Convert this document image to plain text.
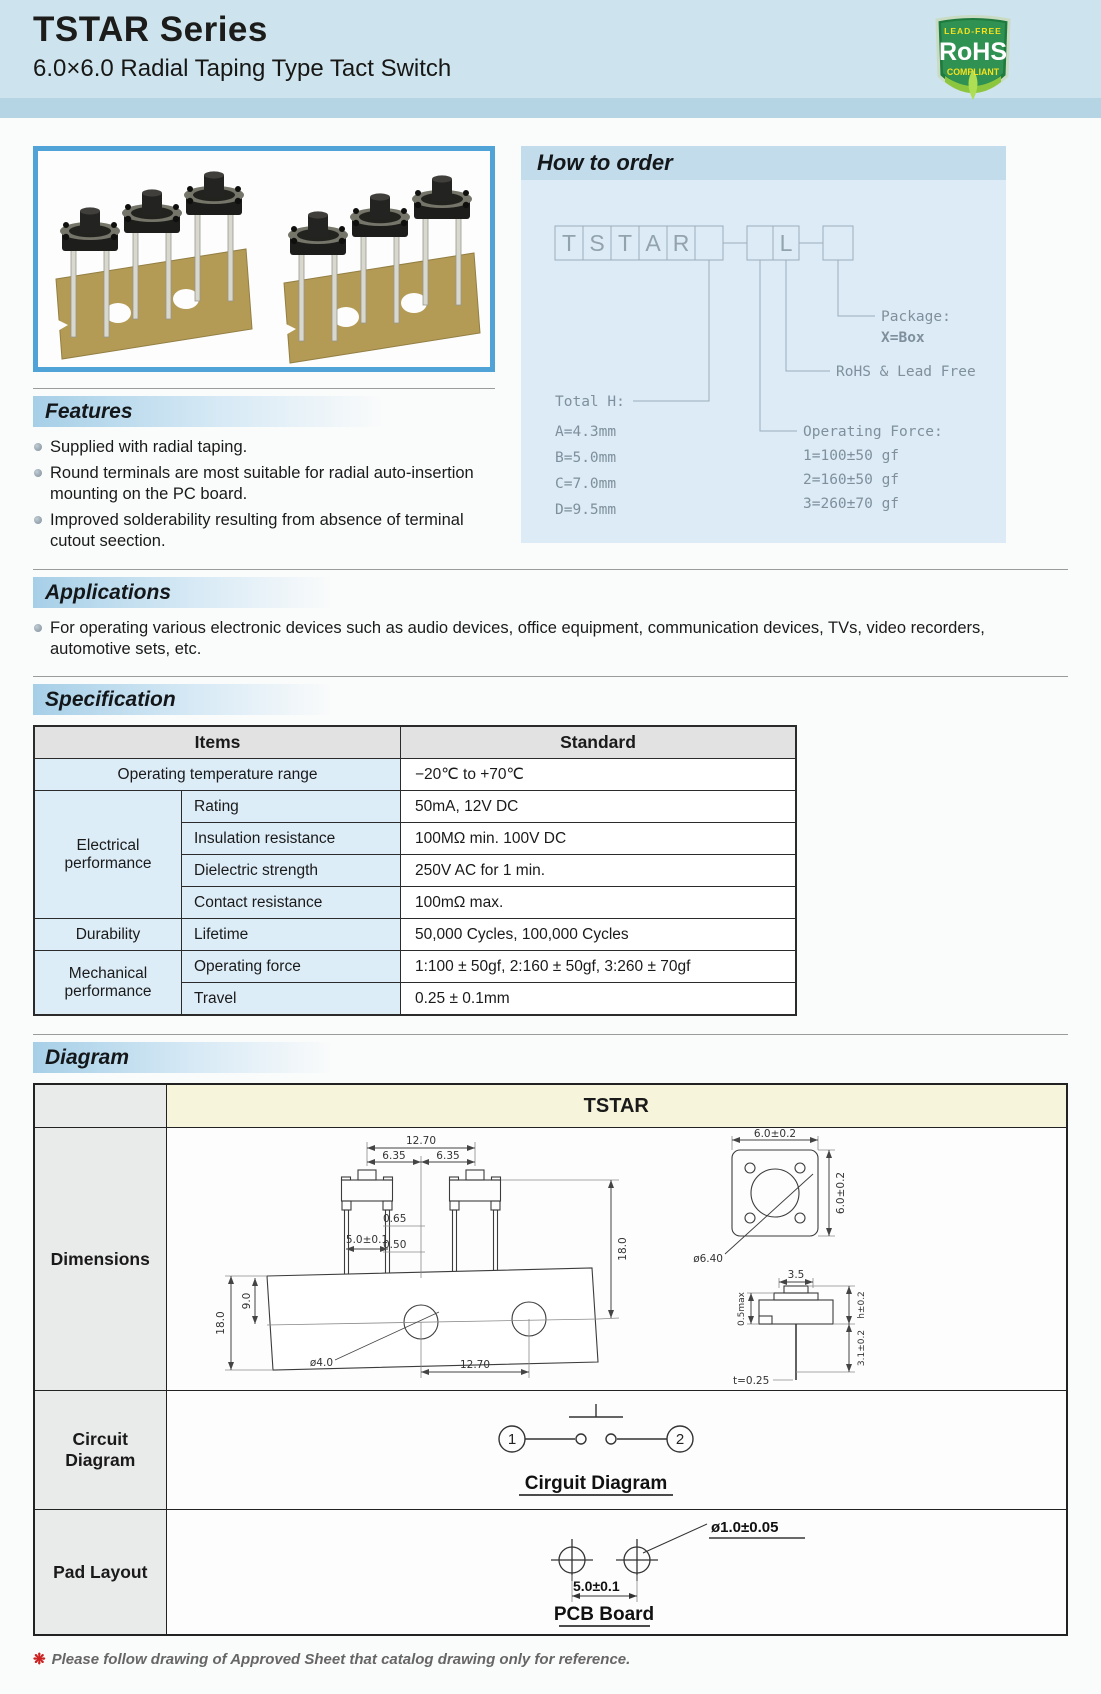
TSTAR Series
6.0×6.0 Radial Taping Type Tact Switch
LEAD-FREE
RoHS
COMPLIANT
Features
Supplied with radial taping.
Round terminals are most suitable for radial auto-insertion mounting on the PC board.
Improved solderability resulting from absence of terminal cutout seection.
How to order
T S T A R	L
Total H:
A=4.3mm
B=5.0mm
C=7.0mm
D=9.5mm
Package:
X=Box
RoHS & Lead Free
Operating Force:
1=100±50 gf
2=160±50 gf
3=260±70 gf
Applications
For operating various electronic devices such as audio devices, office equipment, communication devices, TVs, video recorders, automotive sets, etc.
Specification
Items		Standard
Operating temperature range		−20℃ to +70℃
Electrical performance	Rating	50mA, 12V DC
	Insulation resistance	100MΩ min. 100V DC
	Dielectric strength	250V AC for 1 min.
	Contact resistance	100mΩ max.
Durability	Lifetime	50,000 Cycles, 100,000 Cycles
Mechanical performance	Operating force	1:100 ± 50gf, 2:160 ± 50gf, 3:260 ± 70gf
	Travel	0.25 ± 0.1mm
Diagram
	TSTAR
Dimensions	
12.70
6.35	6.35
0.65
0.50
5.0±0.1
ø4.0	12.70
18.0
9.0
18.0
6.0±0.2
6.0±0.2
ø6.40
3.5
0.5max	h±0.2
3.1±0.2
t=0.25

Circuit Diagram	1 2
Cirguit Diagram

Pad Layout	ø1.0±0.05
5.0±0.1
PCB Board
❋ Please follow drawing of Approved Sheet that catalog drawing only for reference.
